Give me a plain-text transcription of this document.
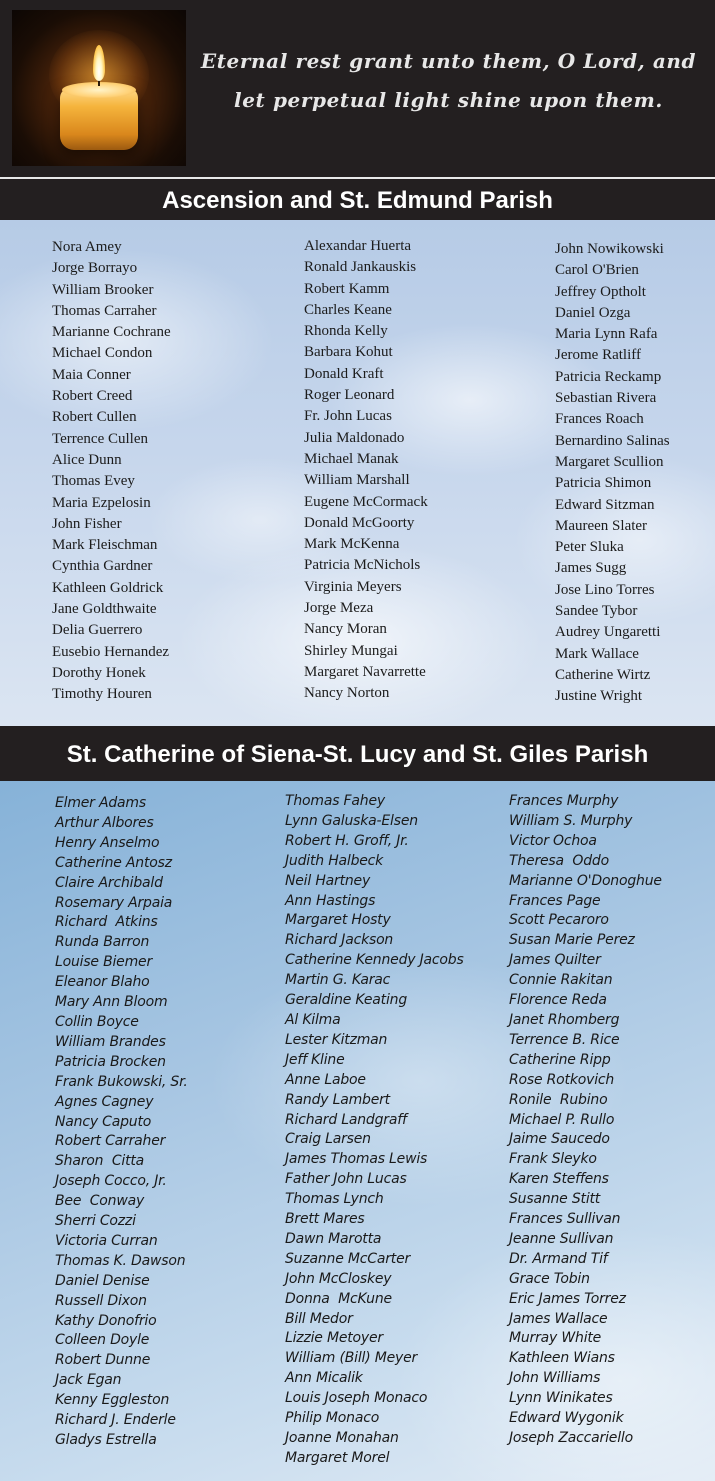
Eternal rest grant unto them, O Lord, and let perpetual light shine upon them.
Ascension and St. Edmund Parish
Nora Amey
Jorge Borrayo
William Brooker
Thomas Carraher
Marianne Cochrane
Michael Condon
Maia Conner
Robert Creed
Robert Cullen
Terrence Cullen
Alice Dunn
Thomas Evey
Maria Ezpelosin
John Fisher
Mark Fleischman
Cynthia Gardner
Kathleen Goldrick
Jane Goldthwaite
Delia Guerrero
Eusebio Hernandez
Dorothy Honek
Timothy Houren
Alexandar Huerta
Ronald Jankauskis
Robert Kamm
Charles Keane
Rhonda Kelly
Barbara Kohut
Donald Kraft
Roger Leonard
Fr. John Lucas
Julia Maldonado
Michael Manak
William Marshall
Eugene McCormack
Donald McGoorty
Mark McKenna
Patricia McNichols
Virginia Meyers
Jorge Meza
Nancy Moran
Shirley Mungai
Margaret Navarrette
Nancy Norton
John Nowikowski
Carol O'Brien
Jeffrey Optholt
Daniel Ozga
Maria Lynn Rafa
Jerome Ratliff
Patricia Reckamp
Sebastian Rivera
Frances Roach
Bernardino Salinas
Margaret Scullion
Patricia Shimon
Edward Sitzman
Maureen Slater
Peter Sluka
James Sugg
Jose Lino Torres
Sandee Tybor
Audrey Ungaretti
Mark Wallace
Catherine Wirtz
Justine Wright
St. Catherine of Siena-St. Lucy and St. Giles Parish
Elmer Adams
Arthur Albores
Henry Anselmo
Catherine Antosz
Claire Archibald
Rosemary Arpaia
Richard  Atkins
Runda Barron
Louise Biemer
Eleanor Blaho
Mary Ann Bloom
Collin Boyce
William Brandes
Patricia Brocken
Frank Bukowski, Sr.
Agnes Cagney
Nancy Caputo
Robert Carraher
Sharon  Citta
Joseph Cocco, Jr.
Bee  Conway
Sherri Cozzi
Victoria Curran
Thomas K. Dawson
Daniel Denise
Russell Dixon
Kathy Donofrio
Colleen Doyle
Robert Dunne
Jack Egan
Kenny Eggleston
Richard J. Enderle
Gladys Estrella
Thomas Fahey
Lynn Galuska-Elsen
Robert H. Groff, Jr.
Judith Halbeck
Neil Hartney
Ann Hastings
Margaret Hosty
Richard Jackson
Catherine Kennedy Jacobs
Martin G. Karac
Geraldine Keating
Al Kilma
Lester Kitzman
Jeff Kline
Anne Laboe
Randy Lambert
Richard Landgraff
Craig Larsen
James Thomas Lewis
Father John Lucas
Thomas Lynch
Brett Mares
Dawn Marotta
Suzanne McCarter
John McCloskey
Donna  McKune
Bill Medor
Lizzie Metoyer
William (Bill) Meyer
Ann Micalik
Louis Joseph Monaco
Philip Monaco
Joanne Monahan
Margaret Morel
Frances Murphy
William S. Murphy
Victor Ochoa
Theresa  Oddo
Marianne O'Donoghue
Frances Page
Scott Pecaroro
Susan Marie Perez
James Quilter
Connie Rakitan
Florence Reda
Janet Rhomberg
Terrence B. Rice
Catherine Ripp
Rose Rotkovich
Ronile  Rubino
Michael P. Rullo
Jaime Saucedo
Frank Sleyko
Karen Steffens
Susanne Stitt
Frances Sullivan
Jeanne Sullivan
Dr. Armand Tif
Grace Tobin
Eric James Torrez
James Wallace
Murray White
Kathleen Wians
John Williams
Lynn Winikates
Edward Wygonik
Joseph Zaccariello
